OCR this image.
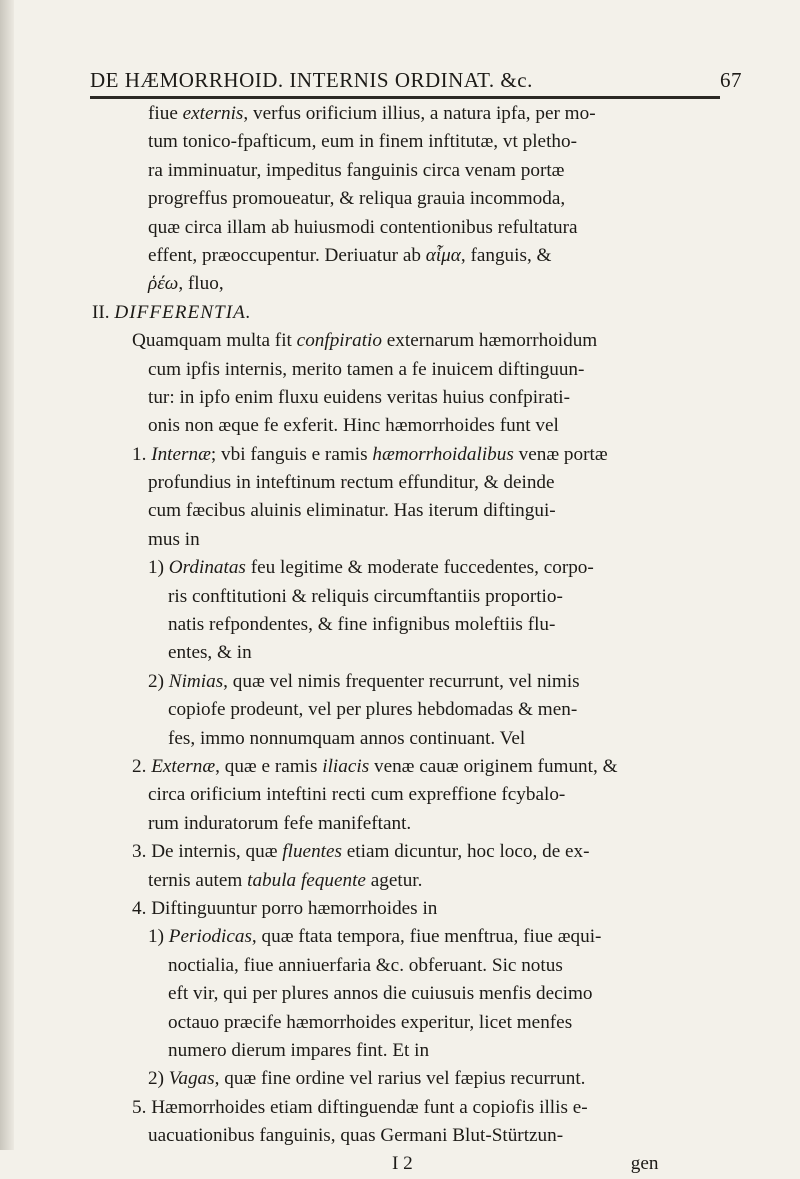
DE HÆMORRHOID. INTERNIS ORDINAT. &c.	67
fiue externis, verfus orificium illius, a natura ipfa, per mo-
tum tonico-fpafticum, eum in finem inftitutæ, vt pletho-
ra imminuatur, impeditus fanguinis circa venam portæ
progreffus promoueatur, & reliqua grauia incommoda,
quæ circa illam ab huiusmodi contentionibus refultatura
effent, præoccupentur. Deriuatur ab αἷμα, fanguis, &
ῥέω, fluo,
II. DIFFERENTIA.
Quamquam multa fit confpiratio externarum hæmorrhoidum
cum ipfis internis, merito tamen a fe inuicem diftinguun-
tur: in ipfo enim fluxu euidens veritas huius confpirati-
onis non æque fe exferit. Hinc hæmorrhoides funt vel
1. Internæ; vbi fanguis e ramis hæmorrhoidalibus venæ portæ
profundius in inteftinum rectum effunditur, & deinde
cum fæcibus aluinis eliminatur. Has iterum diftingui-
mus in
1) Ordinatas feu legitime & moderate fuccedentes, corpo-
ris conftitutioni & reliquis circumftantiis proportio-
natis refpondentes, & fine infignibus moleftiis flu-
entes, & in
2) Nimias, quæ vel nimis frequenter recurrunt, vel nimis
copiofe prodeunt, vel per plures hebdomadas & men-
fes, immo nonnumquam annos continuant. Vel
2. Externæ, quæ e ramis iliacis venæ cauæ originem fumunt, &
circa orificium inteftini recti cum expreffione fcybalo-
rum induratorum fefe manifeftant.
3. De internis, quæ fluentes etiam dicuntur, hoc loco, de ex-
ternis autem tabula fequente agetur.
4. Diftinguuntur porro hæmorrhoides in
1) Periodicas, quæ ftata tempora, fiue menftrua, fiue æqui-
noctialia, fiue anniuerfaria &c. obferuant. Sic notus
eft vir, qui per plures annos die cuiusuis menfis decimo
octauo præcife hæmorrhoides experitur, licet menfes
numero dierum impares fint. Et in
2) Vagas, quæ fine ordine vel rarius vel fæpius recurrunt.
5. Hæmorrhoides etiam diftinguendæ funt a copiofis illis e-
uacuationibus fanguinis, quas Germani Blut-Stürtzun-
I 2	gen
